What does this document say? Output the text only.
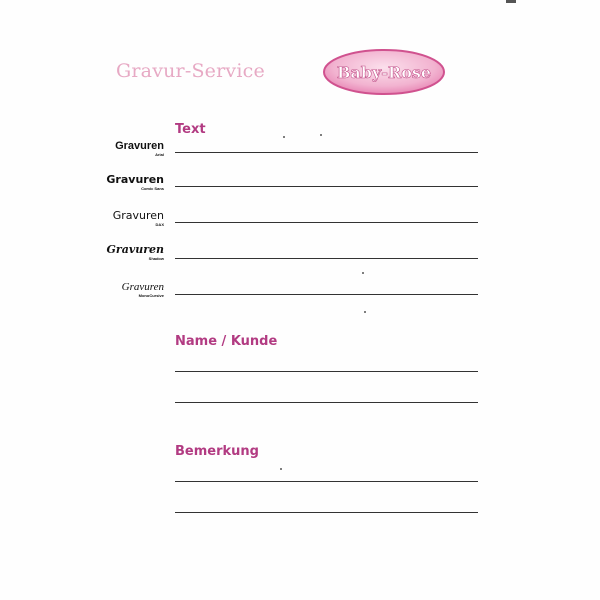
Gravur-Service	Baby-Rose
Text
Gravuren
Arial
Gravuren
Comic Sans
Gravuren
DAX
Gravuren
Shadow
Gravuren
MonoCursive
Name / Kunde
Bemerkung
